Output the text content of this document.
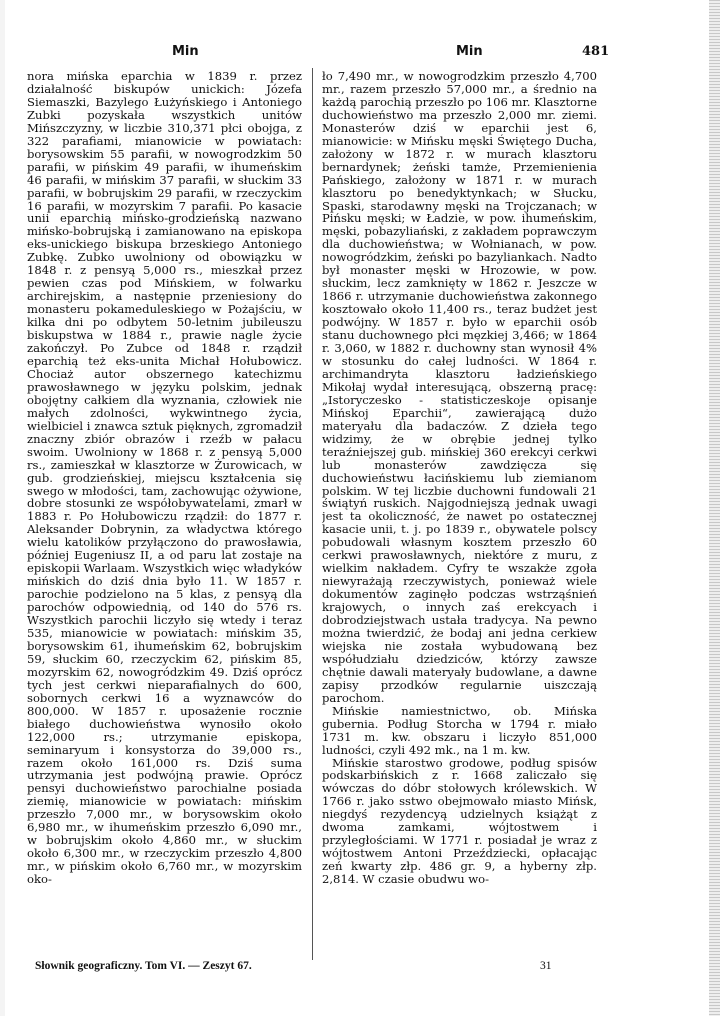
Min	Min	481

nora mińska eparchia w 1839 r. przez działalność biskupów unickich: Józefa Siemaszki, Bazylego Łużyńskiego i Antoniego Zubki pozyskała wszystkich unitów Mińszczyzny, w liczbie 310,371 płci obojga, z 322 parafiami, mianowicie w powiatach: borysowskim 55 parafii, w nowogrodzkim 50 parafii, w pińskim 49 parafii, w ihumeńskim 46 parafii, w mińskim 37 parafii, w słuckim 33 parafii, w bobrujskim 29 parafii, w rzeczyckim 16 parafii, w mozyrskim 7 parafii. Po kasacie unii eparchią mińsko-grodzieńską nazwano mińsko-bobrujską i zamianowano na episkopa eks-unickiego biskupa brzeskiego Antoniego Zubkę. Zubko uwolniony od obowiązku w 1848 r. z pensyą 5,000 rs., mieszkał przez pewien czas pod Mińskiem, w folwarku archirejskim, a następnie przeniesiony do monasteru pokameduleskiego w Pożajściu, w kilka dni po odbytem 50-letnim jubileuszu biskupstwa w 1884 r., prawie nagle życie zakończył. Po Zubce od 1848 r. rządził eparchią też eks-unita Michał Hołubowicz. Chociaż autor obszernego katechizmu prawosławnego w języku polskim, jednak obojętny całkiem dla wyznania, człowiek nie małych zdolności, wykwintnego życia, wielbiciel i znawca sztuk pięknych, zgromadził znaczny zbiór obrazów i rzeźb w pałacu swoim. Uwolniony w 1868 r. z pensyą 5,000 rs., zamieszkał w klasztorze w Żurowicach, w gub. grodzieńskiej, miejscu kształcenia się swego w młodości, tam, zachowując ożywione, dobre stosunki ze współobywatelami, zmarł w 1883 r. Po Hołubowiczu rządził: do 1877 r. Aleksander Dobrynin, za władyctwa którego wielu katolików przyłączono do prawosławia, później Eugeniusz II, a od paru lat zostaje na episkopii Warlaam. Wszystkich więc władyków mińskich do dziś dnia było 11. W 1857 r. parochie podzielono na 5 klas, z pensyą dla parochów odpowiednią, od 140 do 576 rs. Wszystkich parochii liczyło się wtedy i teraz 535, mianowicie w powiatach: mińskim 35, borysowskim 61, ihumeńskim 62, bobrujskim 59, słuckim 60, rzeczyckim 62, pińskim 85, mozyrskim 62, nowogródzkim 49. Dziś oprócz tych jest cerkwi nieparafialnych do 600, sobornych cerkwi 16 a wyznawców do 800,000. W 1857 r. uposażenie rocznie białego duchowieństwa wynosiło około 122,000 rs.; utrzymanie episkopa, seminaryum i konsystorza do 39,000 rs., razem około 161,000 rs. Dziś suma utrzymania jest podwójną prawie. Oprócz pensyi duchowieństwo parochialne posiada ziemię, mianowicie w powiatach: mińskim przeszło 7,000 mr., w borysowskim około 6,980 mr., w ihumeńskim przeszło 6,090 mr., w bobrujskim około 4,860 mr., w słuckim około 6,300 mr., w rzeczyckim przeszło 4,800 mr., w pińskim około 6,760 mr., w mozyrskim oko-

ło 7,490 mr., w nowogrodzkim przeszło 4,700 mr., razem przeszło 57,000 mr., a średnio na każdą parochią przeszło po 106 mr. Klasztorne duchowieństwo ma przeszło 2,000 mr. ziemi. Monasterów dziś w eparchii jest 6, mianowicie: w Mińsku męski Świętego Ducha, założony w 1872 r. w murach klasztoru bernardynek; żeński tamże, Przemienienia Pańskiego, założony w 1871 r. w murach klasztoru po benedyktynkach; w Słucku, Spaski, starodawny męski na Trojczanach; w Pińsku męski; w Ładzie, w pow. ihumeńskim, męski, pobazyliański, z zakładem poprawczym dla duchowieństwa; w Wołnianach, w pow. nowogródzkim, żeński po bazyliankach. Nadto był monaster męski w Hrozowie, w pow. słuckim, lecz zamknięty w 1862 r. Jeszcze w 1866 r. utrzymanie duchowieństwa zakonnego kosztowało około 11,400 rs., teraz budżet jest podwójny. W 1857 r. było w eparchii osób stanu duchownego płci męzkiej 3,466; w 1864 r. 3,060, w 1882 r. duchowny stan wynosił 4% w stosunku do całej ludności. W 1864 r. archimandryta klasztoru ładzieńskiego Mikołaj wydał interesującą, obszerną pracę: „Istoryczesko - statisticzeskoje opisanje Mińskoj Eparchii“, zawierającą dużo materyału dla badaczów. Z dzieła tego widzimy, że w obrębie jednej tylko teraźniejszej gub. mińskiej 360 erekcyi cerkwi lub monasterów zawdzięcza się duchowieństwu łacińskiemu lub ziemianom polskim. W tej liczbie duchowni fundowali 21 świątyń ruskich. Najgodniejszą jednak uwagi jest ta okoliczność, że nawet po ostatecznej kasacie unii, t. j. po 1839 r., obywatele polscy pobudowali własnym kosztem przeszło 60 cerkwi prawosławnych, niektóre z muru, z wielkim nakładem. Cyfry te wszakże zgoła niewyrażają rzeczywistych, ponieważ wiele dokumentów zaginęło podczas wstrząśnień krajowych, o innych zaś erekcyach i dobrodziejstwach ustała tradycya. Na pewno można twierdzić, że bodaj ani jedna cerkiew wiejska nie została wybudowaną bez współudziału dziedziców, którzy zawsze chętnie dawali materyały budowlane, a dawne zapisy przodków regularnie uiszczają parochom.

Mińskie namiestnictwo, ob. Mińska gubernia. Podług Storcha w 1794 r. miało 1731 m. kw. obszaru i liczyło 851,000 ludności, czyli 492 mk., na 1 m. kw.

Mińskie starostwo grodowe, podług spisów podskarbińskich z r. 1668 zaliczało się wówczas do dóbr stołowych królewskich. W 1766 r. jako sstwo obejmowało miasto Mińsk, niegdyś rezydencyą udzielnych książąt z dwoma zamkami, wójtostwem i przyległościami. W 1771 r. posiadał je wraz z wójtostwem Antoni Przeździecki, opłacając zeń kwarty złp. 486 gr. 9, a hyberny złp. 2,814. W czasie obudwu wo-

Słownik geograficzny. Tom VI. — Zeszyt 67.	31
